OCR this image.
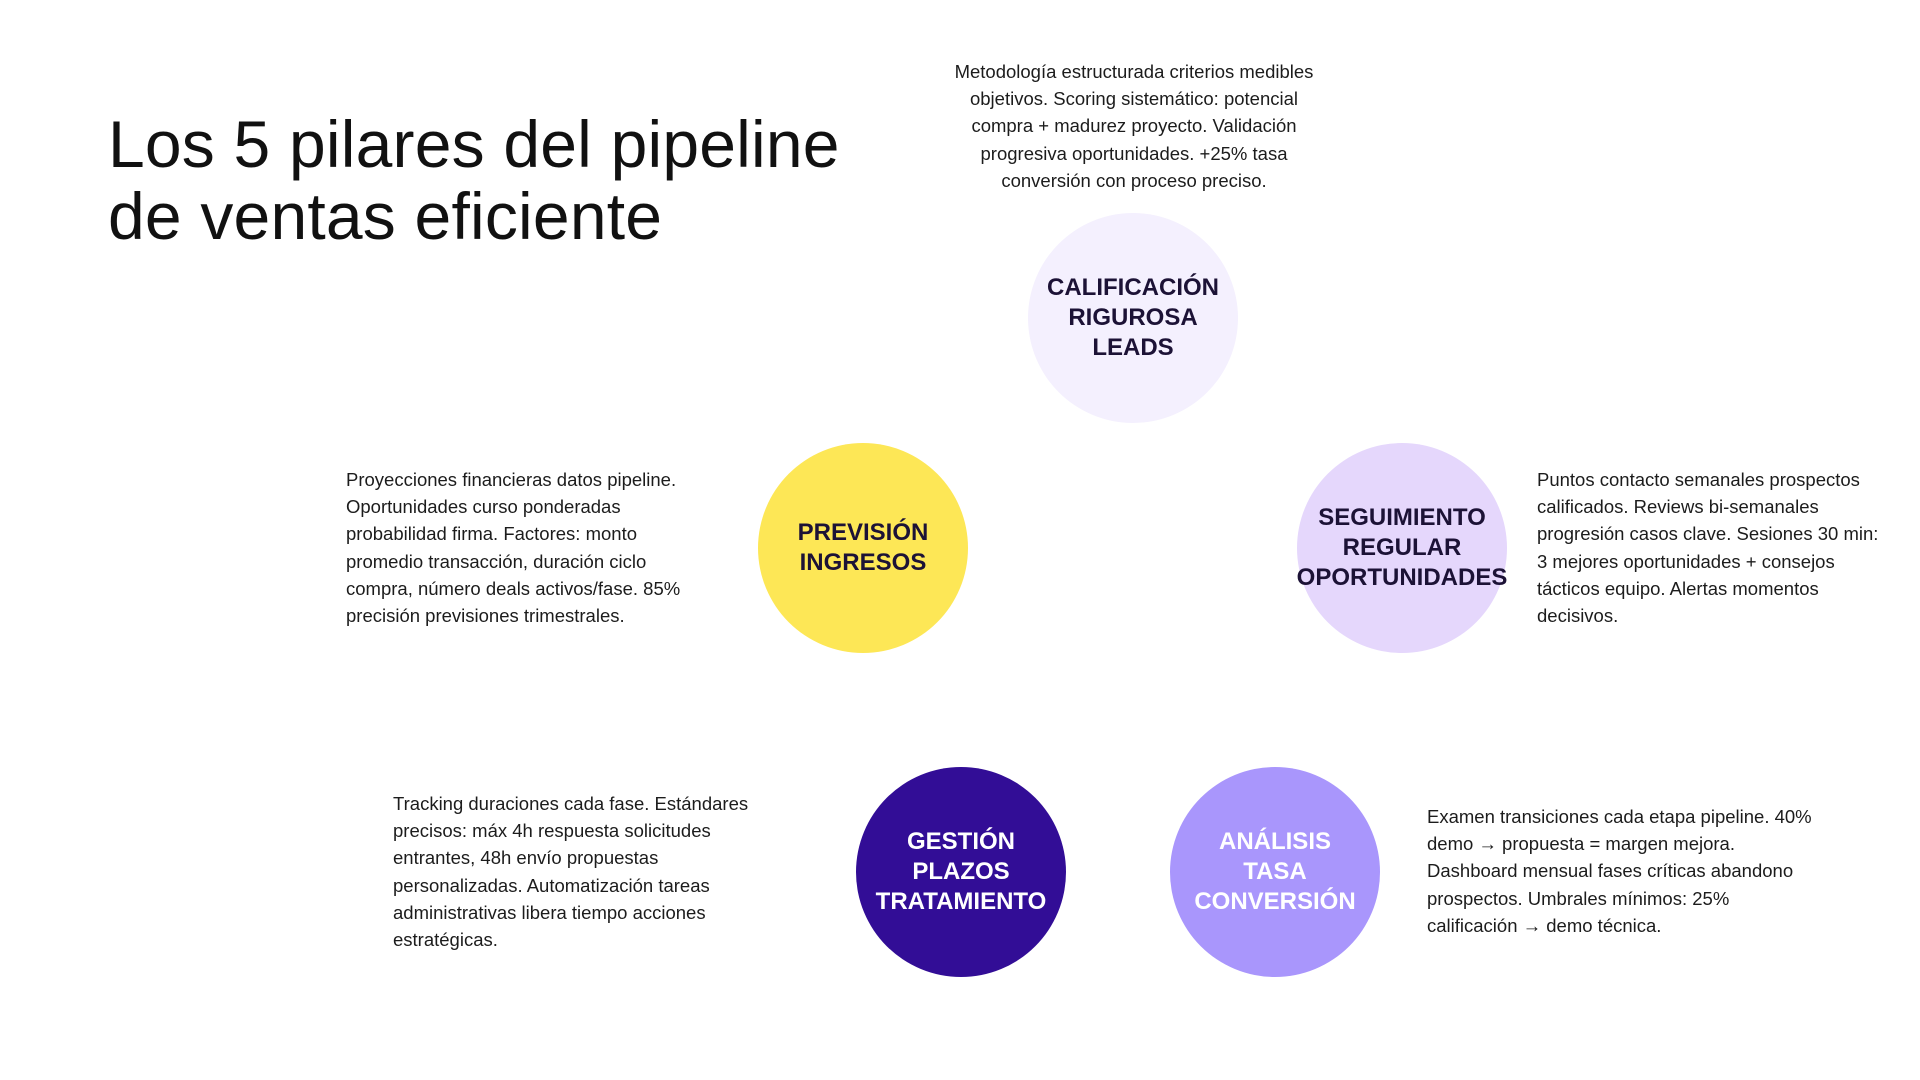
Los 5 pilares del pipeline
de ventas eficiente

Metodología estructurada criterios medibles
objetivos. Scoring sistemático: potencial
compra + madurez proyecto. Validación
progresiva oportunidades. +25% tasa
conversión con proceso preciso.

CALIFICACIÓN
RIGUROSA
LEADS

Proyecciones financieras datos pipeline.
Oportunidades curso ponderadas
probabilidad firma. Factores: monto
promedio transacción, duración ciclo
compra, número deals activos/fase. 85%
precisión previsiones trimestrales.

PREVISIÓN
INGRESOS
SEGUIMIENTO
REGULAR
OPORTUNIDADES

Puntos contacto semanales prospectos
calificados. Reviews bi-semanales
progresión casos clave. Sesiones 30 min:
3 mejores oportunidades + consejos
tácticos equipo. Alertas momentos
decisivos.

Tracking duraciones cada fase. Estándares
precisos: máx 4h respuesta solicitudes
entrantes, 48h envío propuestas
personalizadas. Automatización tareas
administrativas libera tiempo acciones
estratégicas.

GESTIÓN
PLAZOS
TRATAMIENTO
ANÁLISIS
TASA
CONVERSIÓN

Examen transiciones cada etapa pipeline. 40%
demo → propuesta = margen mejora.
Dashboard mensual fases críticas abandono
prospectos. Umbrales mínimos: 25%
calificación → demo técnica.
